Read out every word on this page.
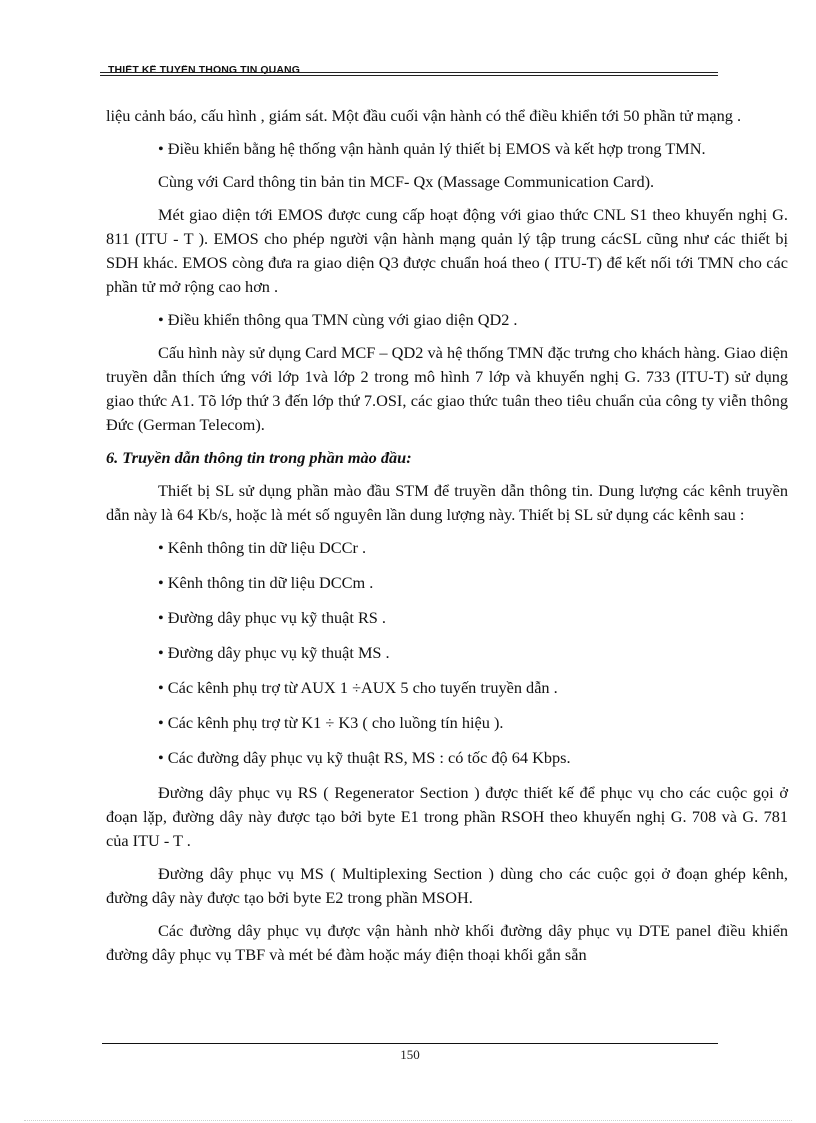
THIẾT KẾ TUYẾN THÔNG TIN QUANG

liệu cảnh báo, cấu hình , giám sát. Một đầu cuối vận hành có thể điều khiển tới 50 phần tử mạng .

• Điều khiển bằng hệ thống vận hành quản lý thiết bị EMOS và kết hợp trong TMN.

Cùng với Card thông tin bản tin MCF- Qx (Massage Communication Card).

Mét giao diện tới EMOS được cung cấp hoạt động với giao thức CNL S1 theo khuyến nghị G. 811 (ITU - T ). EMOS cho phép người vận hành mạng quản lý tập trung cácSL cũng như các thiết bị SDH khác. EMOS còng đưa ra giao diện Q3 được chuẩn hoá theo ( ITU-T) để kết nối tới TMN cho các phần tử mở rộng cao hơn .

• Điều khiển thông qua TMN cùng với giao diện QD2 .

Cấu hình này sử dụng Card MCF – QD2 và hệ thống TMN đặc trưng cho khách hàng. Giao diện truyền dẫn thích ứng với lớp 1và lớp 2 trong mô hình 7 lớp và khuyến nghị G. 733 (ITU-T) sử dụng giao thức A1. Tõ lớp thứ 3 đến lớp thứ 7.OSI, các giao thức tuân theo tiêu chuẩn của công ty viễn thông Đức (German Telecom).

6. Truyền dẫn thông tin trong phần mào đầu:

Thiết bị SL sử dụng phần mào đầu STM để truyền dẫn thông tin. Dung lượng các kênh truyền dẫn này là 64 Kb/s, hoặc là mét số nguyên lần dung lượng này. Thiết bị SL sử dụng các kênh sau :

• Kênh thông tin dữ liệu DCCr .

• Kênh thông tin dữ liệu DCCm .

• Đường dây phục vụ kỹ thuật RS .

• Đường dây phục vụ kỹ thuật MS .

• Các kênh phụ trợ từ AUX 1 ÷AUX 5 cho tuyến truyền dẫn .

• Các kênh phụ trợ từ K1 ÷ K3 ( cho luồng tín hiệu ).

• Các đường dây phục vụ kỹ thuật RS, MS : có tốc độ 64 Kbps.

Đường dây phục vụ RS ( Regenerator Section ) được thiết kế để phục vụ cho các cuộc gọi ở đoạn lặp, đường dây này được tạo bởi byte E1 trong phần RSOH theo khuyến nghị G. 708 và G. 781 của ITU - T .

Đường dây phục vụ MS ( Multiplexing Section ) dùng cho các cuộc gọi ở đoạn ghép kênh, đường dây này được tạo bởi byte E2 trong phần MSOH.

Các đường dây phục vụ được vận hành nhờ khối đường dây phục vụ DTE panel điều khiển đường dây phục vụ TBF và mét bé đàm hoặc máy điện thoại khối gắn sẵn

150
